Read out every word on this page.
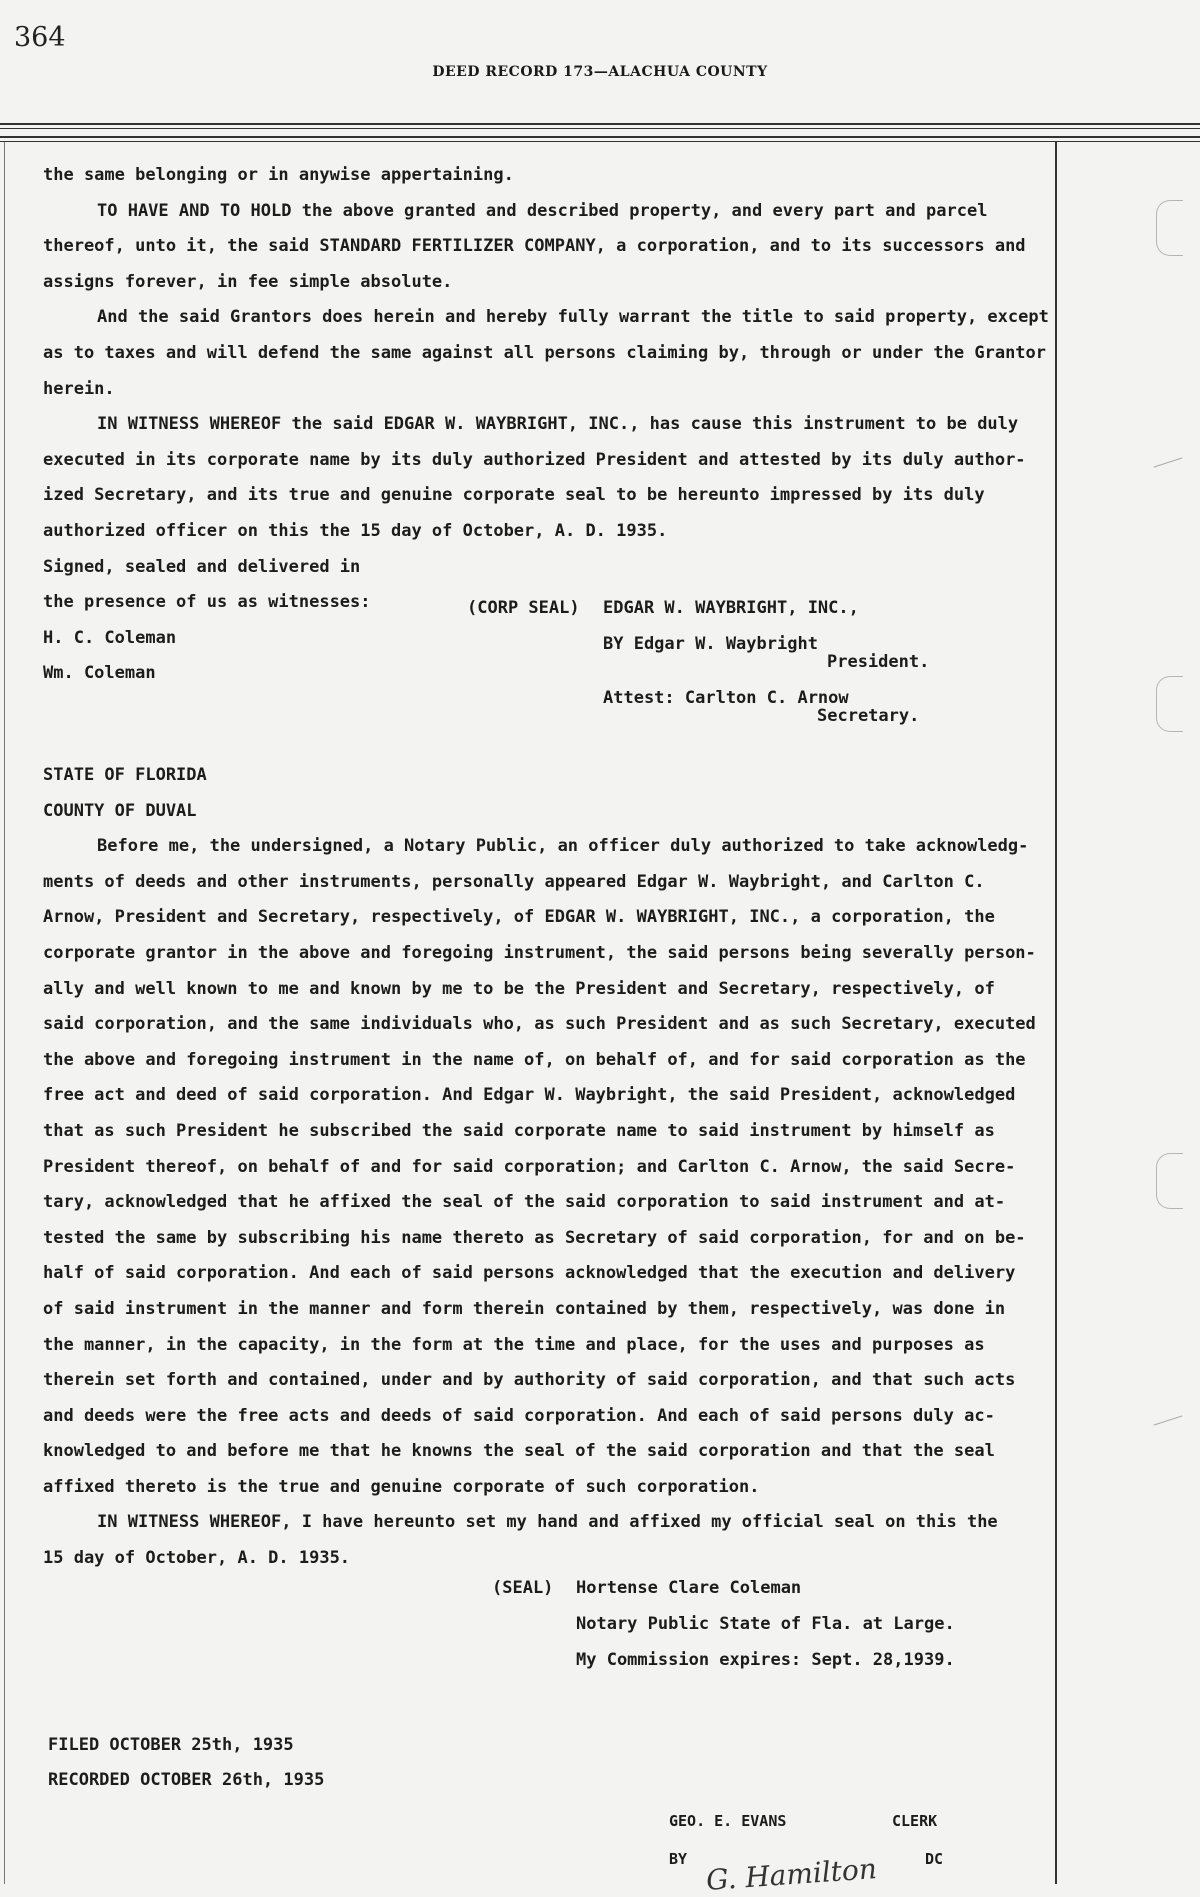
364
DEED RECORD 173—ALACHUA COUNTY
the same belonging or in anywise appertaining.
TO HAVE AND TO HOLD the above granted and described property, and every part and parcel
thereof, unto it, the said STANDARD FERTILIZER COMPANY, a corporation, and to its successors and
assigns forever, in fee simple absolute.
And the said Grantors does herein and hereby fully warrant the title to said property, except
as to taxes and will defend the same against all persons claiming by, through or under the Grantor
herein.
IN WITNESS WHEREOF the said EDGAR W. WAYBRIGHT, INC., has cause this instrument to be duly
executed in its corporate name by its duly authorized President and attested by its duly author-
ized Secretary, and its true and genuine corporate seal to be hereunto impressed by its duly
authorized officer on this the 15 day of October, A. D. 1935.
Signed, sealed and delivered in
the presence of us as witnesses:
H. C. Coleman
Wm. Coleman
(CORP SEAL) EDGAR W. WAYBRIGHT, INC.,
BY Edgar W. Waybright
President.
Attest: Carlton C. Arnow
Secretary.
STATE OF FLORIDA
COUNTY OF DUVAL
Before me, the undersigned, a Notary Public, an officer duly authorized to take acknowledg-
ments of deeds and other instruments, personally appeared Edgar W. Waybright, and Carlton C.
Arnow, President and Secretary, respectively, of EDGAR W. WAYBRIGHT, INC., a corporation, the
corporate grantor in the above and foregoing instrument, the said persons being severally person-
ally and well known to me and known by me to be the President and Secretary, respectively, of
said corporation, and the same individuals who, as such President and as such Secretary, executed
the above and foregoing instrument in the name of, on behalf of, and for said corporation as the
free act and deed of said corporation. And Edgar W. Waybright, the said President, acknowledged
that as such President he subscribed the said corporate name to said instrument by himself as
President thereof, on behalf of and for said corporation; and Carlton C. Arnow, the said Secre-
tary, acknowledged that he affixed the seal of the said corporation to said instrument and at-
tested the same by subscribing his name thereto as Secretary of said corporation, for and on be-
half of said corporation. And each of said persons acknowledged that the execution and delivery
of said instrument in the manner and form therein contained by them, respectively, was done in
the manner, in the capacity, in the form at the time and place, for the uses and purposes as
therein set forth and contained, under and by authority of said corporation, and that such acts
and deeds were the free acts and deeds of said corporation. And each of said persons duly ac-
knowledged to and before me that he knowns the seal of the said corporation and that the seal
affixed thereto is the true and genuine corporate of such corporation.
IN WITNESS WHEREOF, I have hereunto set my hand and affixed my official seal on this the
15 day of October, A. D. 1935.
(SEAL) Hortense Clare Coleman
Notary Public State of Fla. at Large.
My Commission expires: Sept. 28,1939.
FILED OCTOBER 25th, 1935
RECORDED OCTOBER 26th, 1935
GEO. E. EVANS	CLERK
BY G. Hamilton	DC
